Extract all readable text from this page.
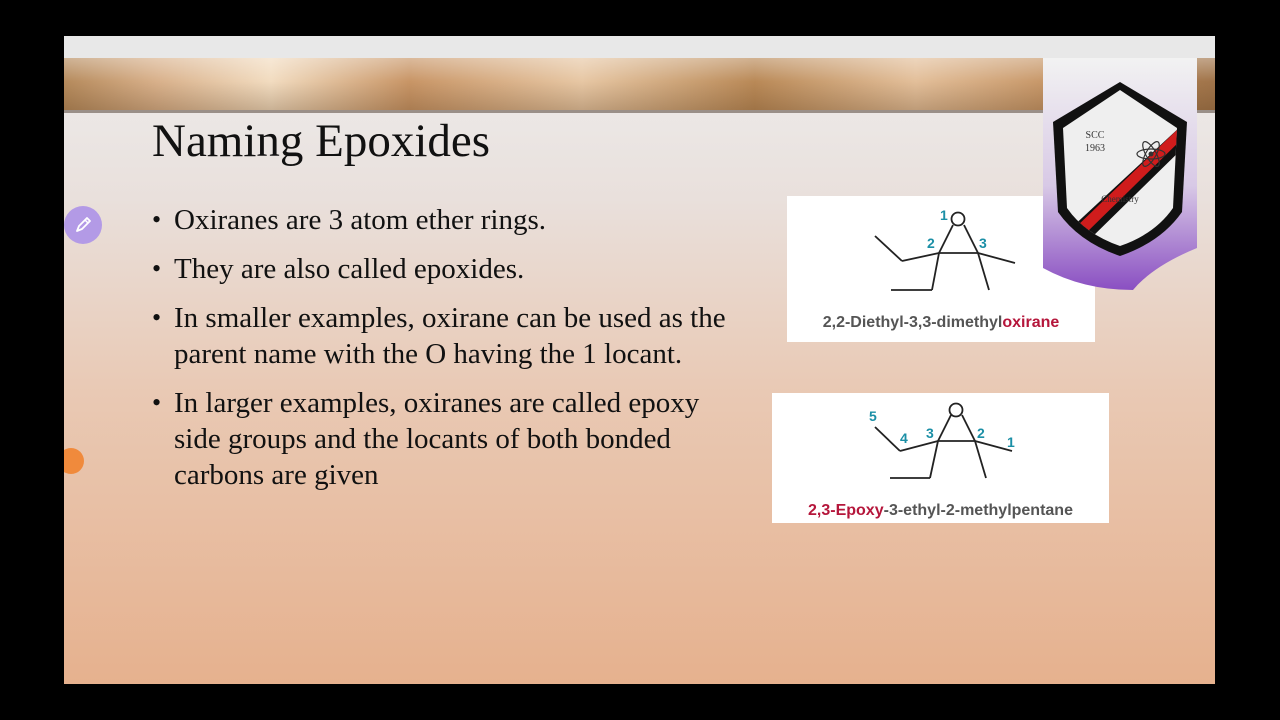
Naming Epoxides
• Oxiranes are 3 atom ether rings.
• They are also called epoxides.
• In smaller examples, oxirane can be used as the parent name with the O having the 1 locant.
• In larger examples, oxiranes are called epoxy side groups and the locants of both bonded carbons are given
1
2	3
2,2-Diethyl-3,3-dimethyloxirane
5
4 3	2
1
2,3-Epoxy-3-ethyl-2-methylpentane
SCC
1963
Chemistry
